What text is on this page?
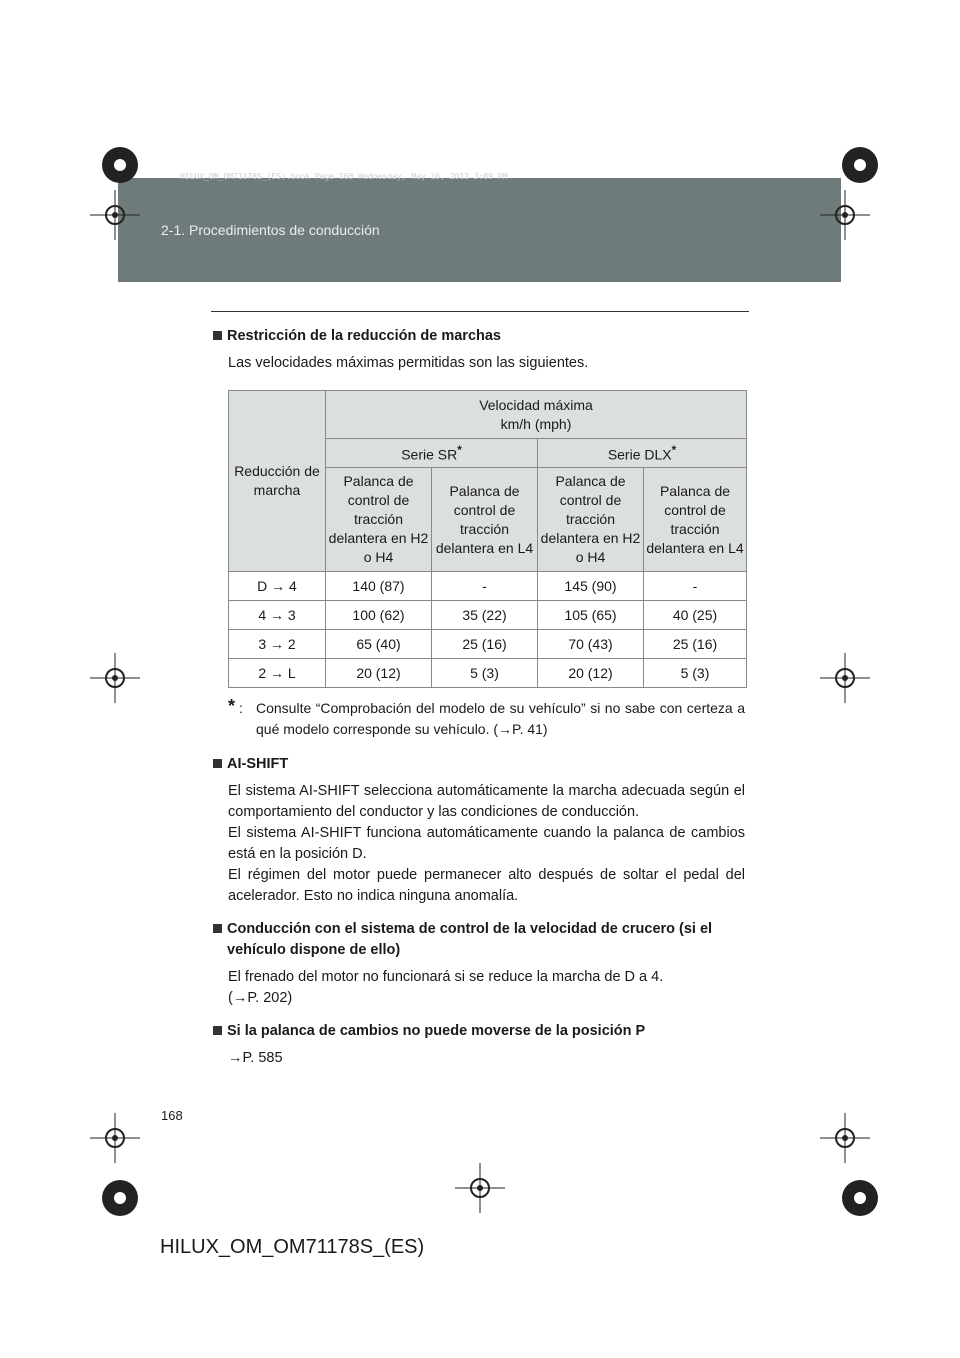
HILUX_OM_OM71178S_(ES).book Page 168 Wednesday, May 16, 2012 3:09 PM
2-1. Procedimientos de conducción

Restricción de la reducción de marchas

Las velocidades máximas permitidas son las siguientes.

Reducción de marcha	Velocidad máxima
km/h (mph)			

	Serie SR*		Serie DLX*
	Palanca de control de tracción delantera en H2 o H4	Palanca de control de tracción delantera en L4	Palanca de control de tracción delantera en H2 o H4	Palanca de control de tracción delantera en L4
D → 4	140 (87)	-	145 (90)	-
4 → 3	100 (62)	35 (22)	105 (65)	40 (25)
3 → 2	65 (40)	25 (16)	70 (43)	25 (16)
2 → L	20 (12)	5 (3)	20 (12)	5 (3)
* : Consulte “Comprobación del modelo de su vehículo” si no sabe con certeza a qué modelo corresponde su vehículo. (→P. 41)

AI-SHIFT

El sistema AI-SHIFT selecciona automáticamente la marcha adecuada según el comportamiento del conductor y las condiciones de conducción.

El sistema AI-SHIFT funciona automáticamente cuando la palanca de cambios está en la posición D.

El régimen del motor puede permanecer alto después de soltar el pedal del acelerador. Esto no indica ninguna anomalía.

Conducción con el sistema de control de la velocidad de crucero (si el vehículo dispone de ello)

El frenado del motor no funcionará si se reduce la marcha de D a 4.

(→P. 202)

Si la palanca de cambios no puede moverse de la posición P

→P. 585

168
HILUX_OM_OM71178S_(ES)
